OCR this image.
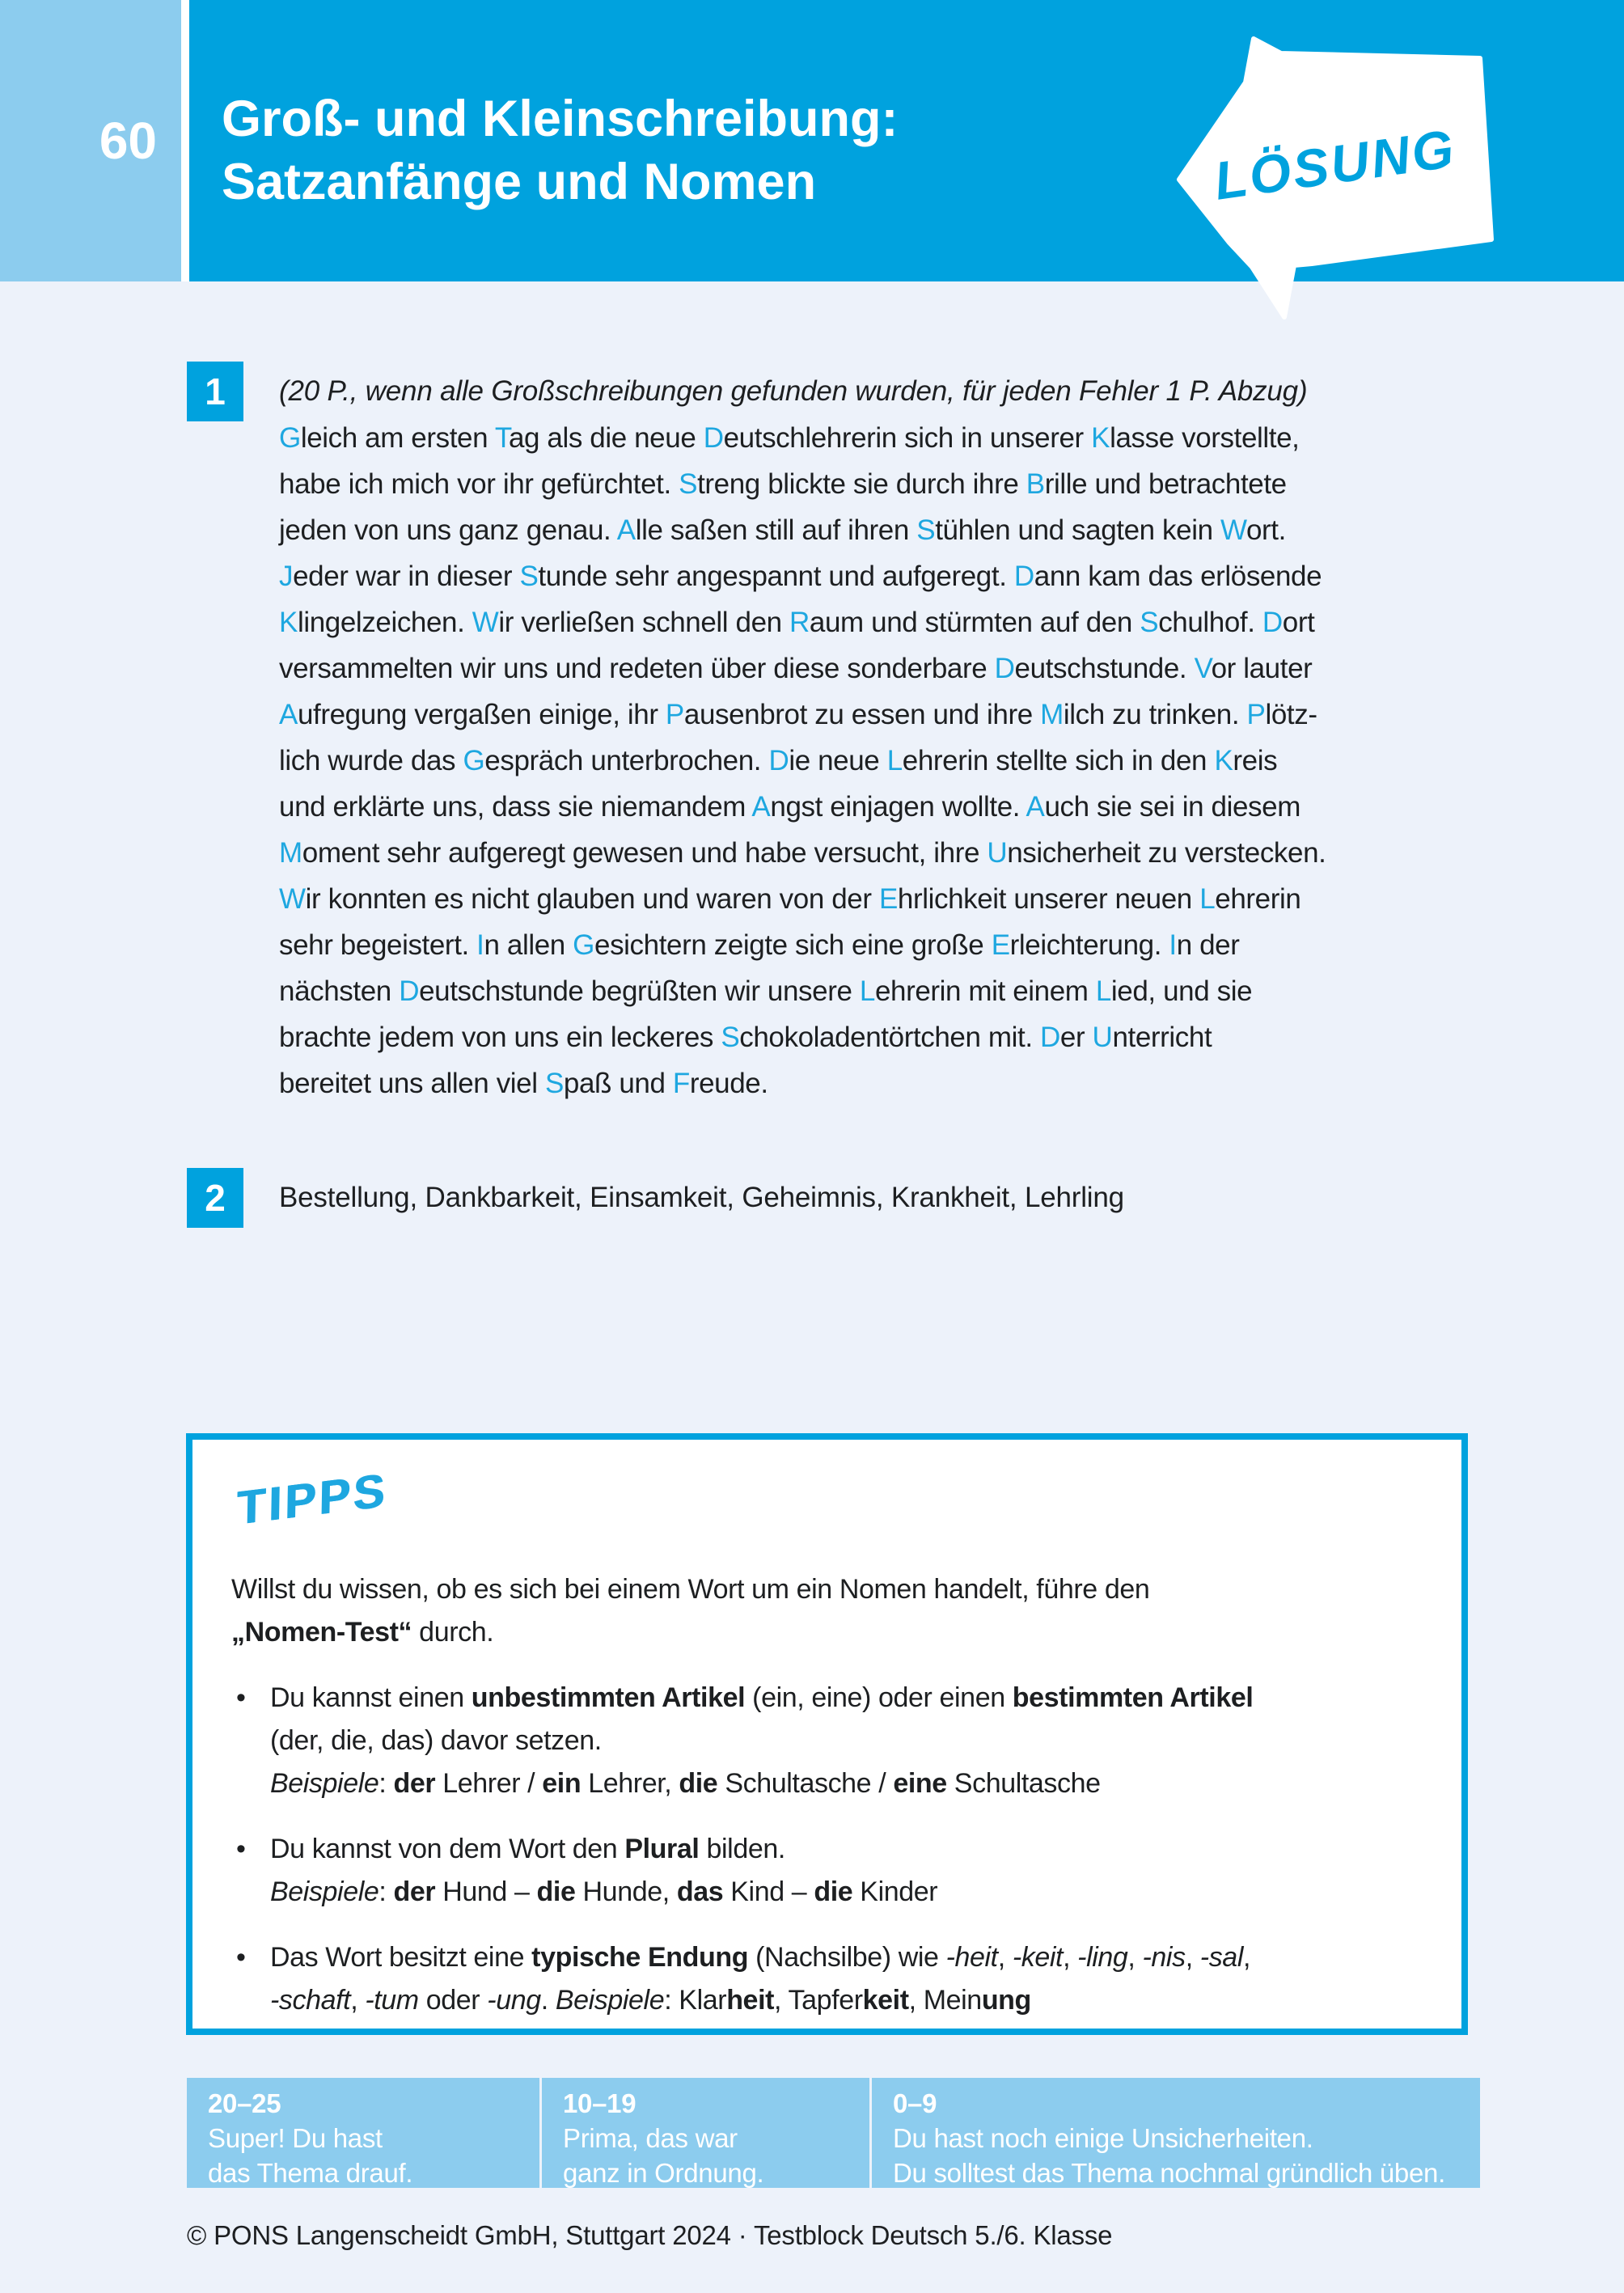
60 Groß- und Kleinschreibung:
Satzanfänge und Nomen	LÖSUNG
1 (20 P., wenn alle Großschreibungen gefunden wurden, für jeden Fehler 1 P. Abzug)
Gleich am ersten Tag als die neue Deutschlehrerin sich in unserer Klasse vorstellte,
habe ich mich vor ihr gefürchtet. Streng blickte sie durch ihre Brille und betrachtete
jeden von uns ganz genau. Alle saßen still auf ihren Stühlen und sagten kein Wort.
Jeder war in dieser Stunde sehr angespannt und aufgeregt. Dann kam das erlösende
Klingelzeichen. Wir verließen schnell den Raum und stürmten auf den Schulhof. Dort
versammelten wir uns und redeten über diese sonderbare Deutschstunde. Vor lauter
Aufregung vergaßen einige, ihr Pausenbrot zu essen und ihre Milch zu trinken. Plötz-
lich wurde das Gespräch unterbrochen. Die neue Lehrerin stellte sich in den Kreis
und erklärte uns, dass sie niemandem Angst einjagen wollte. Auch sie sei in diesem
Moment sehr aufgeregt gewesen und habe versucht, ihre Unsicherheit zu verstecken.
Wir konnten es nicht glauben und waren von der Ehrlichkeit unserer neuen Lehrerin
sehr begeistert. In allen Gesichtern zeigte sich eine große Erleichterung. In der
nächsten Deutschstunde begrüßten wir unsere Lehrerin mit einem Lied, und sie
brachte jedem von uns ein leckeres Schokoladentörtchen mit. Der Unterricht
bereitet uns allen viel Spaß und Freude.
2 Bestellung, Dankbarkeit, Einsamkeit, Geheimnis, Krankheit, Lehrling
TIPPS
Willst du wissen, ob es sich bei einem Wort um ein Nomen handelt, führe den
„Nomen-Test“ durch.
• Du kannst einen unbestimmten Artikel (ein, eine) oder einen bestimmten Artikel
(der, die, das) davor setzen.
Beispiele: der Lehrer / ein Lehrer, die Schultasche / eine Schultasche
• Du kannst von dem Wort den Plural bilden.
Beispiele: der Hund – die Hunde, das Kind – die Kinder
• Das Wort besitzt eine typische Endung (Nachsilbe) wie -heit, -keit, -ling, -nis, -sal,
-schaft, -tum oder -ung. Beispiele: Klarheit, Tapferkeit, Meinung
20–25
Super! Du hast
das Thema drauf.
10–19
Prima, das war
ganz in Ordnung.
0–9
Du hast noch einige Unsicherheiten.
Du solltest das Thema nochmal gründlich üben.
© PONS Langenscheidt GmbH, Stuttgart 2024 · Testblock Deutsch 5./6. Klasse
